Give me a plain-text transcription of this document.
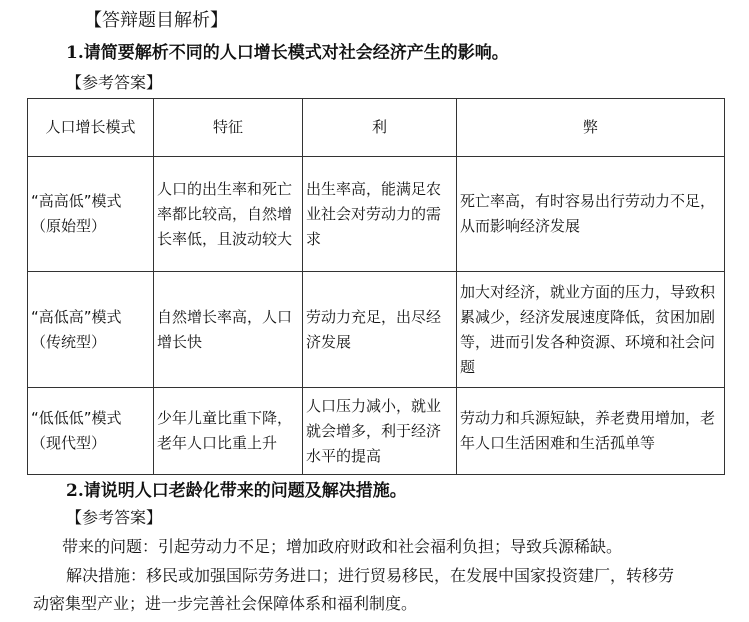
【答辩题目解析】
1.请简要解析不同的人口增长模式对社会经济产生的影响。
【参考答案】
人口增长模式	特征	利	弊
“高高低”模式（原始型）	人口的出生率和死亡率都比较高，自然增长率低，且波动较大	出生率高，能满足农业社会对劳动力的需求	死亡率高，有时容易出行劳动力不足，从而影响经济发展
“高低高”模式（传统型）	自然增长率高，人口增长快	劳动力充足，出尽经济发展	加大对经济，就业方面的压力，导致积累减少，经济发展速度降低，贫困加剧等，进而引发各种资源、环境和社会问题
“低低低”模式（现代型）	少年儿童比重下降，老年人口比重上升	人口压力减小，就业就会增多，利于经济水平的提高	劳动力和兵源短缺，养老费用增加，老年人口生活困难和生活孤单等
2.请说明人口老龄化带来的问题及解决措施。
【参考答案】
带来的问题：引起劳动力不足；增加政府财政和社会福利负担；导致兵源稀缺。
解决措施：移民或加强国际劳务进口；进行贸易移民，在发展中国家投资建厂，转移劳
动密集型产业；进一步完善社会保障体系和福利制度。
